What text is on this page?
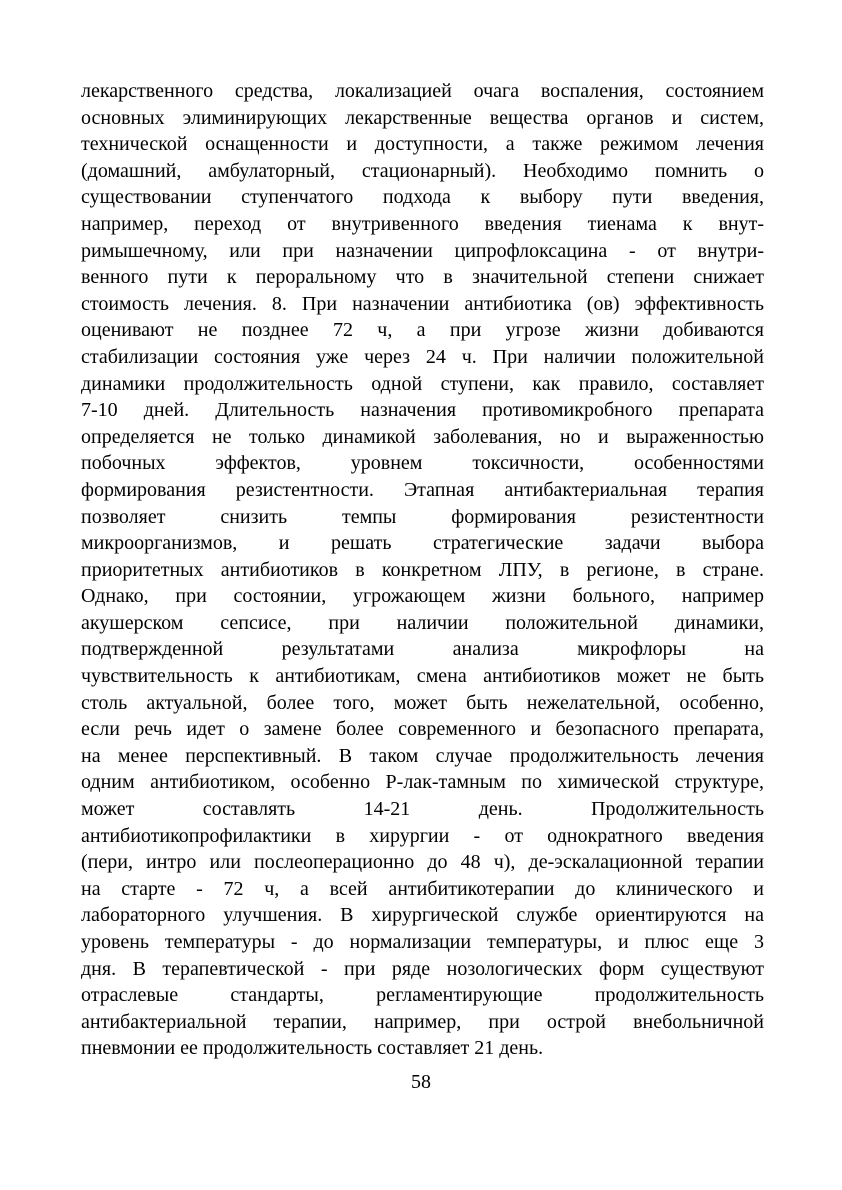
лекарственного средства, локализацией очага воспаления, состоянием
основных элиминирующих лекарственные вещества органов и систем,
технической оснащенности и доступности, а также режимом лечения
(домашний, амбулаторный, стационарный). Необходимо помнить о
существовании ступенчатого подхода к выбору пути введения,
например, переход от внутривенного введения тиенама к внут-
римышечному, или при назначении ципрофлоксацина - от внутри-
венного пути к пероральному что в значительной степени снижает
стоимость лечения. 8. При назначении антибиотика (ов) эффективность
оценивают не позднее 72 ч, а при угрозе жизни добиваются
стабилизации состояния уже через 24 ч. При наличии положительной
динамики продолжительность одной ступени, как правило, составляет
7-10 дней. Длительность назначения противомикробного препарата
определяется не только динамикой заболевания, но и выраженностью
побочных эффектов, уровнем токсичности, особенностями
формирования резистентности. Этапная антибактериальная терапия
позволяет снизить темпы формирования резистентности
микроорганизмов, и решать стратегические задачи выбора
приоритетных антибиотиков в конкретном ЛПУ, в регионе, в стране.
Однако, при состоянии, угрожающем жизни больного, например
акушерском сепсисе, при наличии положительной динамики,
подтвержденной результатами анализа микрофлоры на
чувствительность к антибиотикам, смена антибиотиков может не быть
столь актуальной, более того, может быть нежелательной, особенно,
если речь идет о замене более современного и безопасного препарата,
на менее перспективный. В таком случае продолжительность лечения
одним антибиотиком, особенно Р-лак-тамным по химической структуре,
может составлять 14-21 день. Продолжительность
антибиотикопрофилактики в хирургии - от однократного введения
(пери, интро или послеоперационно до 48 ч), де-эскалационной терапии
на старте - 72 ч, а всей антибитикотерапии до клинического и
лабораторного улучшения. В хирургической службе ориентируются на
уровень температуры - до нормализации температуры, и плюс еще 3
дня. В терапевтической - при ряде нозологических форм существуют
отраслевые стандарты, регламентирующие продолжительность
антибактериальной терапии, например, при острой внебольничной
пневмонии ее продолжительность составляет 21 день.
58
